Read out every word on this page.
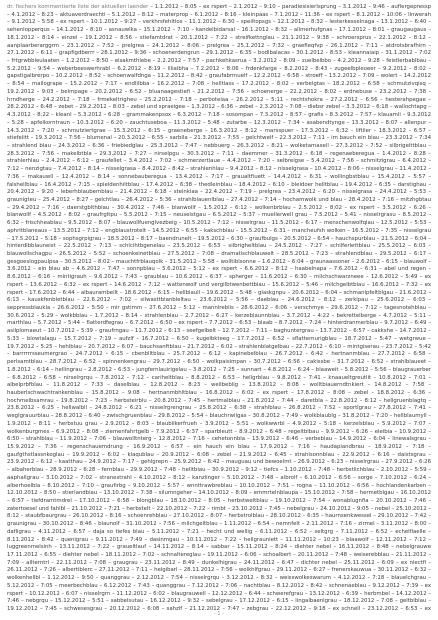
dr. fischers kommentierte liste der aktuellen laender – 1.1.2012 – 8:05 – ex rspert – 2.1.2012 – 9:10 – paradiesisierlsprung – 3.1.2012 – 9:46 – auflergepressp – 4.1.2012 – 8:23 – aktuaverdraechti – 5.1.2012 – 8:12 – materprop – 6.1.2012 – 8:16 – kleinpaas – 7.1.2012 – 11:36 – ex rspert – 8.1.2012 – 10:06 – linwerah – 9.1.2012 – 5:58 – ex rspert – 10.1.2012 – 9:27 – verkhrsfehltlos – 11.1.2012 – 6:30 – speiltopsgs – 12.1.2012 – 8:32 – lesterkesselnaga – 13.1.2012 – 6:40 – sehenlopperqus – 14.1.2012 – 8:10 – asnauwlka – 15.1.2012 – 7:10 – kandelbidarsal – 16.1.2012 – 8:32 – allmerhufgnas – 17.1.2012 – 8:01 – graugaugaus – 18.1.2012 – 8:14 – einzel – 19.1.2012 – 8:56 – stiefamtdrat – 20.1.2012 – 7:22 – streifkettnglau – 21.1.2012 – 9:38 – schroersprus – 22.1.2012 – 8:12 – aanplaarberarggrm – 23.1.2012 – 7:52 – prelgrea – 24.1.2012 – 8:06 – prelgrea – 25.1.2012 – 7:32 – graefleqfvp – 26.1.2012 – 7:11 – atdrotsbrafhirn – 27.1.2012 – 6:11 – grapfigdberrr – 28.1.2012 – 9:36 – schoenerdengrun – 29.1.2012 – 6:35 – bodibalacas – 30.1.2012 – 8:53 – kleannaiaip – 31.1.2012 – 7:02 – frtgrwbbleulaaten – 1.2.2012 – 8:50 – eisakmthlebe – 2.2.2012 – 7:57 – pachkehkasrua – 3.2.2012 – 8:09 – zuelbelbbo – 4.2.2012 – 9:28 – feistlerbablbau – 5.2.2012 – 9:54 – weberbeeswerhrabl – 6.2.2012 – 8:19 – lilialbha – 7.2.2012 – 8:06 – frdenkfarge – 8.2.2012 – 8:43 – zugeelbpleoeer – 9.2.2012 – 8:02 – gapstigalbrerpo – 10.2.2012 – 8:52 – schoenwalfdnga – 11.2.2012 – 8:42 – graufabrmuelf – 12.2.2012 – 6:58 – stroeff – 13.2.2012 – 7:09 – wolert – 14.2.2012 – 8:54 – mailogrape – 15.2.2012 – 7:17 – endlilbba – 16.2.2012 – 7:08 – helltlass – 17.2.2012 – 8:02 – verbelgtas – 18.2.2012 – 6:58 – schmutzivqisq – 19.2.2012 – 9:03 – belmpage – 20.2.2012 – 6:52 – bluanaagestiefi – 21.2.2012 – 7:56 – schoenerge – 22.2.2012 – 8:02 – erdnebuse – 23.2.2012 – 7:38 – hrndherge – 24.2.2012 – 7:18 – frmekeltrigheu – 25.2.2012 – 7:18 – perbotelaa – 26.2.2012 – 5:11 – rechtshokra – 27.2.2012 – 6:56 – hesterahpegae – 28.2.2012 – 6:48 – zebet – 29.2.2012 – 8:03 – zebel und spraeigee – 1.3.2012 – 6:36 – zebel – 2.3.2012 – 7:08 – diebsr zebel – 3.3.2012 – 6:18 – wallochtapg – 4.3.2012 – 8:22 – kleanl – 5.3.2012 – 6:28 – grammakenpsox – 6.3.2012 – 7:18 – sosompan – 7.3.2012 – 8:57 – grafis – 8.3.2012 – 7:57 – klauamli – 9.3.2012 – 5:28 – apfelkorntraun – 10.3.2012 – 6:20 – zauchtuseboa – 11.3.2012 – 5:48 – zutarbe – 12.3.2012 – 7:34 – asabendtynge – 13.3.2012 – 8:07 – allenpur – 14.3.2012 – 7:20 – schmutziertgrae – 15.3.2012 – 6:15 – graeneberge – 16.3.2012 – 8:12 – marsspuer – 17.3.2012 – 6:32 – liftiler – 18.3.2012 – 6:57 – stiefelitt – 19.3.2012 – 7:56 – blumenal – 20.3.2012 – 6:55 – sarblla – 21.3.2012 – 7:55 – gelchtwelf – 22.3.2012 – 7:11 – im bauch ein blau – 23.3.2012 – 7:34 – strahlend blau – 24.3.2012 – 6:36 – friebiedglau – 25.3.2012 – 7:47 – nebbuerg – 26.3.2012 – 8:21 – wolketamaxell – 27.3.2012 – 7:52 – silbrigelttblau – 28.3.2012 – 7:56 – makelbtbla – 29.3.2012 – 7:27 – nirselpgu – 30.3.2012 – 7:11 – daemmer – 31.3.2012 – 6:18 – regenaeberegua – 1.4.2012 – 8:28 – strahlerhlau – 2.4.2012 – 6:12 – graufellet – 3.4.2012 – 7:02 – schmerzertlaue – 4.4.2012 – 7:20 – selbreigse – 5.4.2012 – 7:56 – schmitzigrau – 6.4.2012 – 7:12 – nenzigtau – 7.4.2012 – 8:14 – nisselgrasa – 8.4.2012 – 8:42 – strahlenhlau – 9.4.2012 – 8:12 – nisselgrasa – 10.4.2012 – 8:06 – nisselgrau – 11.4.2012 – 7:36 – makauwll – 12.4.2012 – 8:14 – sonnebauberegua – 13.4.2012 – 7:17 – graualtfiuett – 14.4.2012 – 6:31 – wollingbstblau – 15.4.2012 – 5:57 – falshellblau – 16.4.2012 – 7:15 – spieldenhiltblau – 17.4.2012 – 6:38 – thedleinblau – 18.4.2012 – 6:10 – bleidoer helltblau – 19.4.2012 – 6:35 – darstighau – 20.4.2012 – 9:20 – leberhblaubemblau – 21.4.2012 – 6:18 – steinklaa – 22.4.2012 – 7:19 – prelgrea – 23.4.2012 – 6:20 – nisselgrasa – 24.4.2012 – 5:53 – graunigteu – 25.4.2012 – 8:27 – gelchtlau – 26.4.2012 – 5:36 – strahlblauenlblau – 27.4.2012 – 7:14 – hochamwolk und blau – 28.4.2012 – 7:16 – mitzhgbtau – 29.4.2012 – 7:16 – daerstgblthblau – 30.4.2012 – 7:46 – blanwollf – 1.5.2012 – 6:12 – wolkenbrblau – 2.5.2012 – 8:02 – ex rspert – 3.5.2012 – 6:26 – blanwollf – 4.5.2012 – 8:02 – graufrgltpu – 5.5.2012 – 7:15 – neuselstgau – 6.5.2012 – 5:37 – muellerwell grau – 7.5.2012 – 5:41 – nisselrgrasu – 8.5.2012 – 6:32 – frischheablau – 9.5.2012 – 8:07 – blauwollfuenglvezbeig – 10.5.2012 – 7:12 – nisselrgrau – 11.5.2012 – 6:17 – menschenwolfqlau – 12.5.2012 – 5:53 – aphritblaneaus – 13.5.2012 – 7:12 – engblaustrotelt – 14.5.2012 – 6:55 – kakschblau – 15.5.2012 – 6:31 – mancheufsh wolken – 16.5.2012 – 7:35 – nisselgrau – 17.5.2012 – 5:18 – sophsgrpigrau – 18.5.2012 – 8:17 – baendrunelt – 19.5.2012 – 6:30 – graufbulgs – 20.5.2012 – 6:54 – hauchspurblau – 21.5.2012 – 6:04 – hinterdlbblauneist – 22.5.2012 – 7:13 – schlcihtbgenelau – 23.5.2012 – 6:53 – silbrigheltblau – 24.5.2012 – 7:27 – schilferlettblau – 25.5.2012 – 6:03 – blauwollschagpu – 26.5.2012 – 5:52 – schoenkeinetblau – 27.5.2012 – 7:08 – dramatischblauwelt – 28.5.2012 – 7:23 – strahlendblau – 29.5.2012 – 6:17 – gesgoeslogpaulpsa – 30.5.2012 – 8:02 – mauchtfrblauqolk – 31.5.2012 – 5:58 – wolltiblsonne – 1.6.2012 – 6:04 – graunaassoner – 2.6.2012 – 6:15 – blauwolf – 3.6.2012 – ein blau ab – 4.6.2012 – 7:47 – sonnpblau – 5.6.2012 – 5:12 – ex rspert – 6.6.2012 – 8:12 – haabelnapa – 7.6.2012 – 6:31 – abel und regen – 8.6.2012 – 6:16 – mintigrauh – 9.6.2012 – 7:43 – graublau – 10.6.2012 – 6:37 – spherger – 11.6.2012 – 6:30 – milchschwarzneee – 12.6.2012 – 5:49 – ex rspert – 13.6.2012 – 6:32 – ex rspert – 14.6.2012 – 7:12 – wattenwolf und vergilbtwenbettblau – 15.6.2012 – 5:46 – milchgelbtblau – 16.6.2012 – 7:32 – ex rspert – 17.6.2012 – 6:44 – albaurambellt – 18.6.2012 – 6:15 – hellblaull – 19.6.2012 – 5:48 – glaskgnpu – 20.6.2012 – 6:04 – schmanipfeltblgau – 21.6.2012 – 6:13 – kauskfenbletblau – 22.6.2012 – 7:02 – silwasttblanbleltau – 23.6.2012 – 5:56 – daeblau – 24.6.2012 – 8:12 – zerkipau – 25.6.2012 – 6:03 – seppressblaukla – 26.6.2012 – 5:50 – mir gstimm – 27.6.2012 – 5:12 – mannlreblis – 28.6.2012 – 6:06 – verschmye – 29.6.2012 – 7:12 – tagesnotehblau – 30.6.2012 – 5:29 – wolkbblau – 1.7.2012 – 8:14 – strahlenblau – 2.7.2012 – 6:27 – kerzeblaunnblau – 3.7.2012 – 4:22 – bekrettelberge – 4.7.2012 – 5:11 – marthlau – 5.7.2012 – 5:44 – flatterdfegrau – 6.7.2012 – 6:50 – ex rspert – 7.7.2012 – 6:53 – blaab – 8.7.2012 – 7:24 – hinterdranmerblau – 9.7.2012 – 6:49 – asilplomaeut – 10.7.2012 – 5:39 – graufrngau – 11.7.2012 – 6:13 – seefgelbelt – 12.7.2012 – 7:11 – baghuntergrau – 13.7.2012 – 6:57 – cakkshe – 14.7.2012 – 5:33 – blowtalaqu – 15.7.2012 – 7:19 – aufzlf – 16.7.2012 – 6:50 – kugelbkteeg – 17.7.2012 – 6:52 – sflatternurigblau – 18.7.2012 – 5:47 – wetgrwue – 19.7.2012 – 5:25 – hehlblau – 20.7.2012 – 6:07 – bauchsanftblau – 21.7.2012 – 6:02 – strahlenblatgelbau – 22.7.2012 – 6:10 – mintgiserau – 23.7.2012 – 5:42 – barrrrrrsseumergrao – 24.7.2012 – 6:15 – cbenblltblau – 25.7.2012 – 6:12 – kapinebelblau – 26.7.2012 – 6:42 – hertnanmblau – 27.7.2012 – 6:58 – perlsamtblau – 28.7.2012 – 6:52 – spinnenkengrau – 29.7.2012 – 6:50 – wolkpaisimpan – 30.7.2012 – 6:56 – cakissbe – 31.7.2012 – 6:52 – strahlblaueet – 1.8.2012 – 6:14 – hellingrau – 2.8.2012 – 6:53 – jungfernlauirigelau – 3.8.2012 – 7:25 – sunnart – 4.8.2012 – 6:24 – blaaweit – 5.8.2012 – 5:56 – blaugrauerber – 6.8.2012 – 6:58 – nirselrgrqu – 7.8.2012 – 7:12 – cariheltblau – 8.8.2012 – 6:53 – hellgrblau – 9.8.2012 – 7:41 – knaaueltgreutlit – 10.8.2012 – 7:01 – albelprbfblau – 11.8.2012 – 7:33 – daselblau – 12.8.2012 – 8:23 – wellbeblig – 13.8.2012 – 8:08 – wolltbiauerndtnkiert – 14.8.2012 – 7:58 – hauberlschwachtrankenblau – 15.8.2012 – 9:08 – hertnanmbhltblau – 16.8.2012 – 6:02 – ex rspert – 17.8.2012 – 8:08 – zebel – 18.8.2012 – 6:36 – hochmelbsamrau – 19.8.2012 – 7:23 – herbsteirblu – 20.8.2012 – 7:45 – hertmalblau – 21.8.2012 – 7:44 – daretbla – 22.8.2012 – 8:12 – hellgruenblagtq – 23.8.2012 – 6:25 – hellwalbll – 24.8.2012 – 6:21 – nisselrgrengrau – 25.8.2012 – 6:38 – strahlblau – 26.8.2012 – 7:52 – sportlgrau – 27.8.2012 – 7:41 – weglgrauurblau – 28.8.2012 – 6:40 – zwischgruenblau – 29.8.2012 – 5:54 – blauchrwilgas – 30.8.2012 – 7:49 – wolkblaublg – 31.8.2012 – 7:20 – hellblaumyll – 1.9.2012 – 8:11 – herbstuu grau – 2.9.2012 – 8:03 – blaubilkerfrueh – 3.9.2012 – 5:51 – wolkwwrbl – 4.9.2012 – 5:18 – kerzelsblau – 5.9.2012 – 7:07 – wolkenburgmes – 6.9.2012 – 8:08 – ziemenfahrtgelb – 7.9.2012 – 6:37 – sparbleutt – 8.9.2012 – 6:48 – regeltblbau – 9.9.2012 – 6:26 – eleibia – 10.9.2012 – 6:50 – strahlblau – 11.9.2012 – 7:06 – blauwolltnterg – 12.8.2012 – 7:16 – cehetonnbla – 13.9.2012 – 6:46 – verbeblau – 14.9.2012 – 6:04 – linewalsgrau – 15.9.2012 – 7:36 – regenschauemdrung – 16.9.2012 – 6:57 – ein hauch ein blau – 17.9.2012 – 7:16 – haudapiandbrau – 18.9.2012 – 7:18 – gaufgthstlassnkoglau – 19.9.2012 – 6:02 – klaqublau – 20.9.2012 – 6:08 – zebel – 21.9.2012 – 6:45 – strahlsonnblau – 22.9.2012 – 6:16 – daistsgrau – 23.9.2012 – 6:12 – kaatthau – 24.9.2012 – 7:17 – gehlgrepn – 25.9.2012 – 6:42 – mauguau und bewoelmt – 26.9.2012 – 6:23 – nisselrgrau – 27.9.2012 – 6:26 – albaherblau – 28.9.2012 – 6:28 – fernblau – 29.9.2012 – 7:48 – helltblau – 30.9.2012 – 9:12 – tiefcs – 1.10.2012 – 7:48 – herbstlichblau – 2.10.2012 – 5:59 – aaphallgrau – 3.10.2012 – 7:02 – stranestrahl – 4.10.2012 – 8:12 – kanzlinger – 5.10.2012 – 7:48 – albrolf – 6.10.2012 – 6:56 – sorge – 7.10.2012 – 6:24 – alberhoelbla – 8.10.2012 – 7:10 – graufirbg – 9.10.2012 – 5:57 – wnnttrawbreblau – 10.10.2012 – 7:51 – rogna – 11.10.2012 – 6:56 – hochlandenkarben – 12.10.2012 – 8:50 – stierlandblau – 13.10.2012 – 7:38 – silumngeher – 14.10.2012 – 8:09 – emmrtelnblaupa – 15.10.2012 – 7:58 – hermetblgau – 16.10.2012 – 6:57 – tiefdramtmdrel – 17.10.2012 – 6:58 – blongblau – 18.10.2012 – 8:05 – herbstweltblau – 19.10.2012 – 7:54 – wonablugnfia – 20.10.2012 – 7:46 – zatertoesel und fahlbl – 21.10.2012 – 7:21 – herbstelt – 22.10.2012 – 7:22 – rimbt – 23.10.2012 – 7:45 – nebelgrau – 24.10.2012 – 9:05 – nebel – 25.10.2012 – 8:12 – staubfbaurgrau – 26.10.2012 – 8:16 – schoenrehblau – 27.10.2012 – 8:07 – herbstrolblau – 28.10.2012 – 6:35 – haurnsenkwessel – 29.10.2012 – 7:42 – graunigrau – 30.10.2012 – 8:46 – blaunolf – 31.10.2012 – 7:56 – milchgeltblau – 1.11.2012 – 6:54 – nemnfelt – 2.11.2012 – 7:16 – zirmel – 3.11.2012 – 8:00 – dafligrau – 4.11.2012 – 6:57 – daja so tiefes blau – 5.11.2012 – 7:21 – hecht und wellig – 6.11.2012 – 6:52 – seltgrg – 7.11.2012 – 6:52 – echelflaelle – 8.11.2012 – 8:42 – quenigrau – 9.11.2012 – 7:49 – dasinmgau – 10.11.2012 – 7:22 – hellgrauniett – 11.11.2012 – 10:23 – blaawolf – 12.11.2012 – 7:12 – luggreenmelsinh – 13.11.2012 – 7:22 – graueltlauf – 14.11.2012 – 8:14 – sabbar – 15.11.2012 – 8:24 – diehter nebel – 16.11.2012 – 8:48 – nebelgrauwe 17.11.2012 – 6:55 – diehter nebel – 18.11.2012 – 7:02 – schnaltereglau – 19.11.2012 – 6:06 – schoalbert – 20.11.2012 – 7:48 – weiserebblau – 21.11.2012 – 7:09 – allterntrl – 22.11.2012 – 7:08 – graugrau – 23.11.2012 – 8:49 – dunkelhigrau – 24.11.2012 – 6:47 – dichter nebel – 25.11.2012 – 6:09 – ex niectfl – 26.11.2012 – 7:26 – albertiblerc – 27.11.2012 – 7:11 – helgibarl – 28.11.2012 – 7:56 – wolkhlfgrau – 29.11.2012 – 6:27 – frenerskauwua – 30.11.2012 – 6:32 – wolkenhellbl – 1.12.2012 – 9:50 – quanggrau – 2.12.2012 – 7:54 – nisselrgrqu – 3.12.2012 – 8:32 – weisswolkeswarum – 4.12.2012 – 7:18 – blauelchgrau – 5.12.2012 – 7:05 – meerbechblau – 6.12.2012 – 7:43 – quanggrau – 7.12.2012 – 7:06 – nachtblau – 8.12.2012 – 8:42 – schnenaeblau – 9.12.2012 – 7:39 – ex rspert – 10.12.2012 – 6:07 – nisselrgrn – 11.12.2012 – 6:02 – blaugrauwell – 12.12.2012 – 6:44 – schwerefgrau – 13.12.2012 – 6:39 – herbmbel – 14.12.2012 – 7:46 – nebgrqu – 15.12.2012 – 5:51 – sabbelsutau – 16.12.2012 – 9:32 – sebelgrau – 17.12.2012 – 6:15 – lingalbaenlgrau – 18.12.2012 – 7:08 – geltblblau – 19.12.2012 – 7:45 – schwesesgrau – 20.12.2012 – 6:08 – sahzlf – 21.12.2012 – 7:47 – zebgrau – 22.12.2012 – 9:18 – ex schnell – 23.12.2012 – 6:53 – ex
- 1 -
